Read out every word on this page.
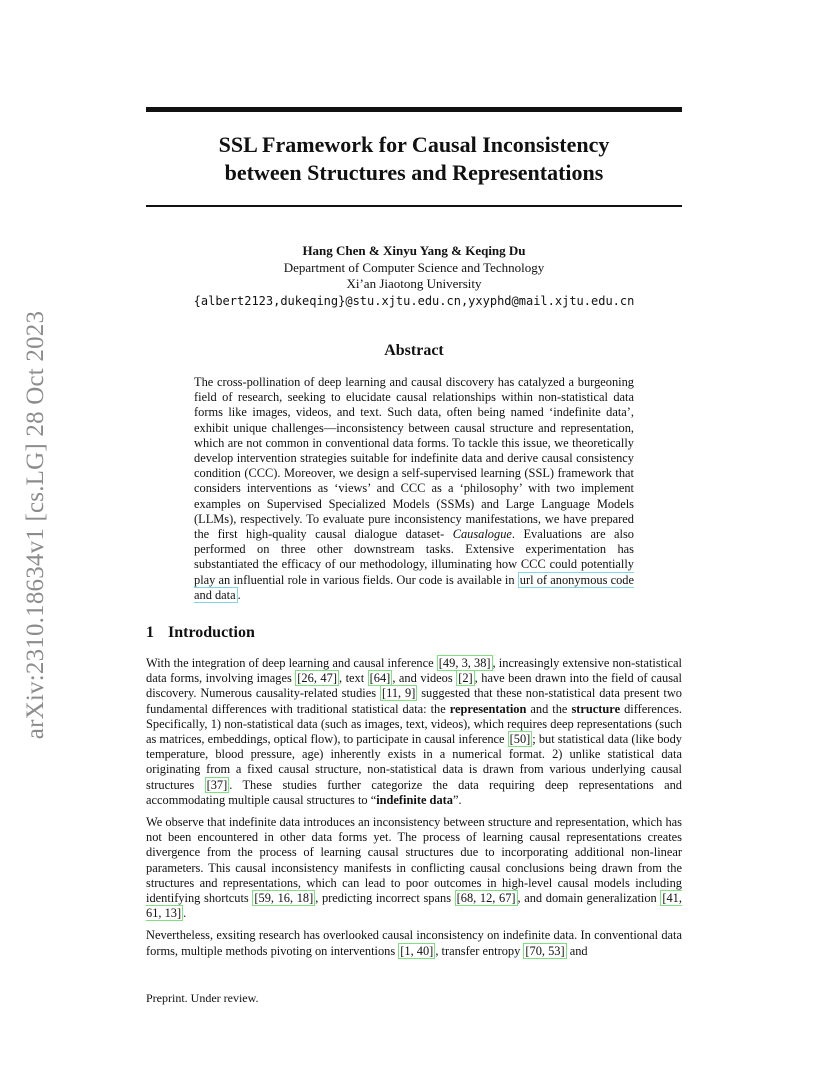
arXiv:2310.18634v1 [cs.LG] 28 Oct 2023
SSL Framework for Causal Inconsistency
between Structures and Representations
Hang Chen & Xinyu Yang & Keqing Du
Department of Computer Science and Technology
Xi’an Jiaotong University
{albert2123,dukeqing}@stu.xjtu.edu.cn,yxyphd@mail.xjtu.edu.cn
Abstract
The cross-pollination of deep learning and causal discovery has catalyzed a burgeoning field of research, seeking to elucidate causal relationships within non-statistical data forms like images, videos, and text. Such data, often being named ‘indefinite data’, exhibit unique challenges—inconsistency between causal structure and representation, which are not common in conventional data forms. To tackle this issue, we theoretically develop intervention strategies suitable for indefinite data and derive causal consistency condition (CCC). Moreover, we design a self-supervised learning (SSL) framework that considers interventions as ‘views’ and CCC as a ‘philosophy’ with two implement examples on Supervised Specialized Models (SSMs) and Large Language Models (LLMs), respectively. To evaluate pure inconsistency manifestations, we have prepared the first high-quality causal dialogue dataset- Causalogue. Evaluations are also performed on three other downstream tasks. Extensive experimentation has substantiated the efficacy of our methodology, illuminating how CCC could potentially play an influential role in various fields. Our code is available in url of anonymous code and data .
1 Introduction

With the integration of deep learning and causal inference [49, 3, 38] , increasingly extensive non-statistical data forms, involving images [26, 47] , text [64] , and videos [2] , have been drawn into the field of causal discovery. Numerous causality-related studies [11, 9] suggested that these non-statistical data present two fundamental differences with traditional statistical data: the representation and the structure differences. Specifically, 1) non-statistical data (such as images, text, videos), which requires deep representations (such as matrices, embeddings, optical flow), to participate in causal inference [50] ; but statistical data (like body temperature, blood pressure, age) inherently exists in a numerical format. 2) unlike statistical data originating from a fixed causal structure, non-statistical data is drawn from various underlying causal structures [37] . These studies further categorize the data requiring deep representations and accommodating multiple causal structures to “indefinite data”.

We observe that indefinite data introduces an inconsistency between structure and representation, which has not been encountered in other data forms yet. The process of learning causal representations creates divergence from the process of learning causal structures due to incorporating additional non-linear parameters. This causal inconsistency manifests in conflicting causal conclusions being drawn from the structures and representations, which can lead to poor outcomes in high-level causal models including identifying shortcuts [59, 16, 18] , predicting incorrect spans [68, 12, 67] , and domain generalization [41, 61, 13] .

Nevertheless, exsiting research has overlooked causal inconsistency on indefinite data. In conventional data forms, multiple methods pivoting on interventions [1, 40] , transfer entropy [70, 53] and

Preprint. Under review.
